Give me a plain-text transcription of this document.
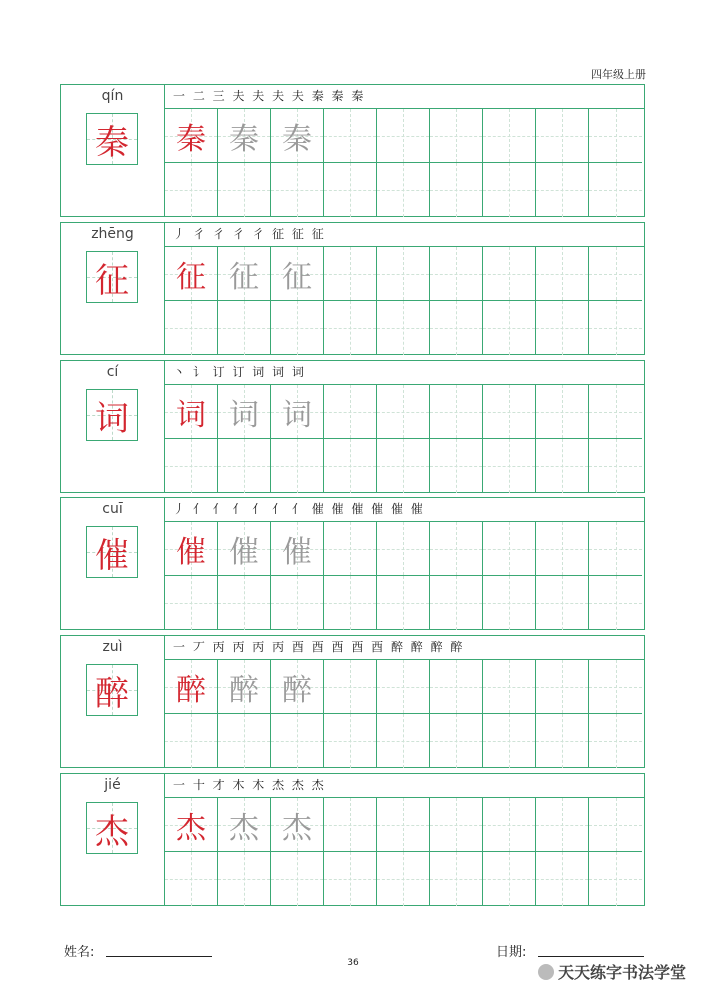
四年级上册
qín
秦
一 二 三 夫 夫 夫 夫 秦 秦 秦
秦 秦 秦
zhēng
征
丿 彳 彳 彳 彳 征 征 征
征 征 征
cí
词
丶 讠 订 订 词 词 词
词 词 词
cuī
催
丿 亻 亻 亻 亻 亻 亻 催 催 催 催 催 催
催 催 催
zuì
醉
一 丆 丙 丙 丙 丙 酉 酉 酉 酉 酉 醉 醉 醉 醉
醉 醉 醉
jié
杰
一 十 才 木 木 杰 杰 杰
杰 杰 杰
姓名:	日期:
36	天天练字书法学堂
